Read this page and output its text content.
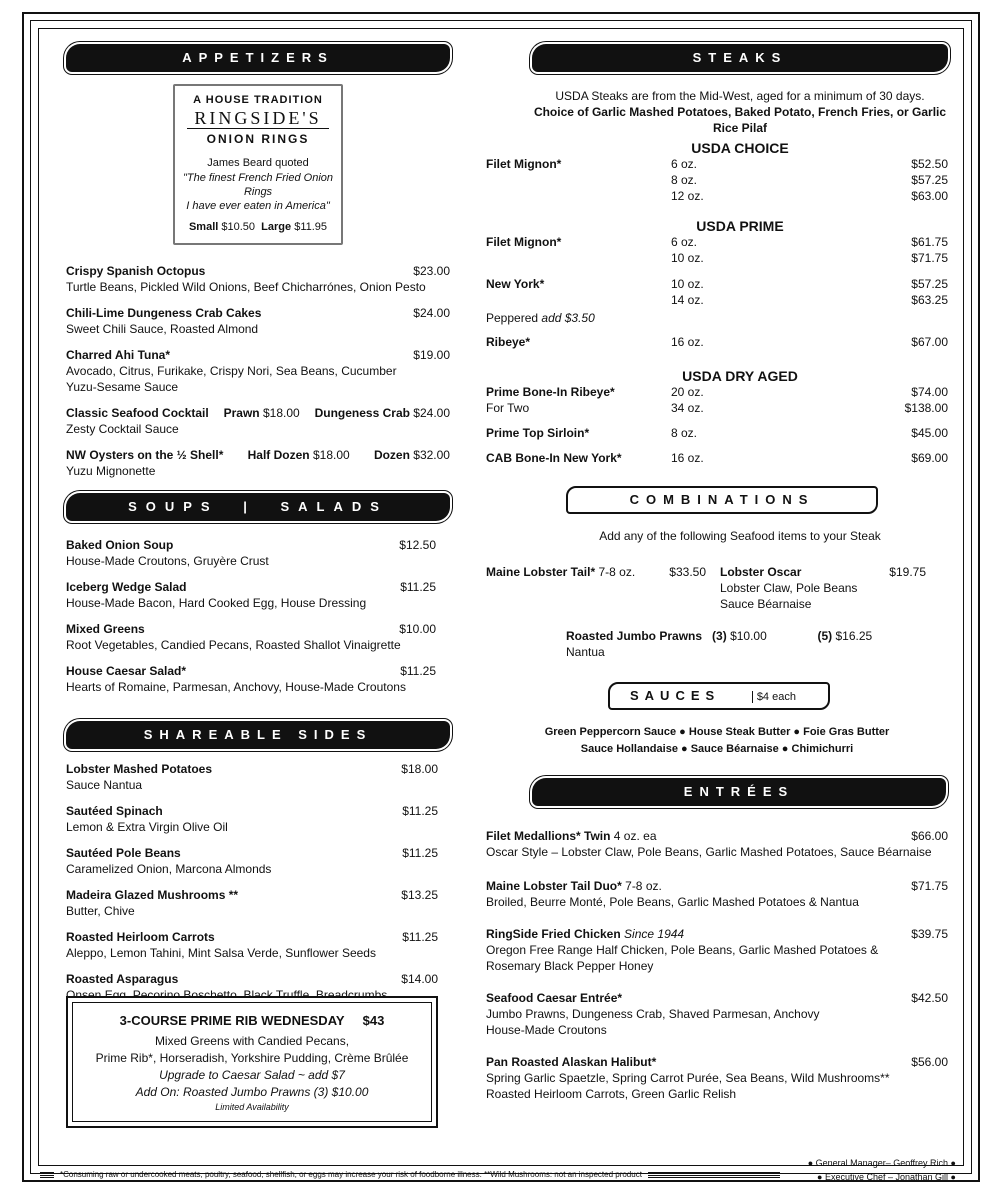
APPETIZERS
A HOUSE TRADITION
RINGSIDE'S
ONION RINGS
James Beard quoted
"The finest French Fried Onion Rings
I have ever eaten in America"
Small $10.50 Large $11.95
Crispy Spanish Octopus	$23.00
Turtle Beans, Pickled Wild Onions, Beef Chicharrónes, Onion Pesto
Chili-Lime Dungeness Crab Cakes	$24.00
Sweet Chili Sauce, Roasted Almond
Charred Ahi Tuna*	$19.00
Avocado, Citrus, Furikake, Crispy Nori, Sea Beans, Cucumber
Yuzu-Sesame Sauce
Classic Seafood Cocktail Prawn $18.00 Dungeness Crab $24.00
Zesty Cocktail Sauce
NW Oysters on the ½ Shell* Half Dozen $18.00 Dozen $32.00
Yuzu Mignonette
SOUPS | SALADS
Baked Onion Soup	$12.50
House-Made Croutons, Gruyère Crust
Iceberg Wedge Salad	$11.25
House-Made Bacon, Hard Cooked Egg, House Dressing
Mixed Greens	$10.00
Root Vegetables, Candied Pecans, Roasted Shallot Vinaigrette
House Caesar Salad*	$11.25
Hearts of Romaine, Parmesan, Anchovy, House-Made Croutons
SHAREABLE SIDES
Lobster Mashed Potatoes	$18.00
Sauce Nantua
Sautéed Spinach	$11.25
Lemon & Extra Virgin Olive Oil
Sautéed Pole Beans	$11.25
Caramelized Onion, Marcona Almonds
Madeira Glazed Mushrooms **	$13.25
Butter, Chive
Roasted Heirloom Carrots	$11.25
Aleppo, Lemon Tahini, Mint Salsa Verde, Sunflower Seeds
Roasted Asparagus	$14.00
Onsen Egg, Pecorino Boschetto, Black Truffle, Breadcrumbs
3-COURSE PRIME RIB WEDNESDAY $43
Mixed Greens with Candied Pecans,
Prime Rib*, Horseradish, Yorkshire Pudding, Crème Brûlée
Upgrade to Caesar Salad ~ add $7
Add On: Roasted Jumbo Prawns (3) $10.00
Limited Availability
STEAKS
USDA Steaks are from the Mid-West, aged for a minimum of 30 days.
Choice of Garlic Mashed Potatoes, Baked Potato, French Fries, or Garlic Rice Pilaf
USDA CHOICE
Filet Mignon*	6 oz.	$52.50
8 oz.	$57.25
12 oz.	$63.00
USDA PRIME
Filet Mignon*	6 oz.	$61.75
10 oz.	$71.75
New York*	10 oz.	$57.25
14 oz.	$63.25
Peppered add $3.50
Ribeye*	16 oz.	$67.00
USDA DRY AGED
Prime Bone-In Ribeye*	20 oz.	$74.00
For Two	34 oz.	$138.00
Prime Top Sirloin*	8 oz.	$45.00
CAB Bone-In New York*	16 oz.	$69.00
COMBINATIONS
Add any of the following Seafood items to your Steak
Maine Lobster Tail* 7-8 oz.	$33.50 Lobster Oscar	$19.75
Lobster Claw, Pole Beans
Sauce Béarnaise
Roasted Jumbo Prawns (3) $10.00	(5) $16.25
Nantua
SAUCES	$4 each
Green Peppercorn Sauce ● House Steak Butter ● Foie Gras Butter
Sauce Hollandaise ● Sauce Béarnaise ● Chimichurri
ENTRÉES
Filet Medallions* Twin 4 oz. ea	$66.00
Oscar Style – Lobster Claw, Pole Beans, Garlic Mashed Potatoes, Sauce Béarnaise
Maine Lobster Tail Duo* 7-8 oz.	$71.75
Broiled, Beurre Monté, Pole Beans, Garlic Mashed Potatoes & Nantua
RingSide Fried Chicken Since 1944	$39.75
Oregon Free Range Half Chicken, Pole Beans, Garlic Mashed Potatoes &
Rosemary Black Pepper Honey
Seafood Caesar Entrée*	$42.50
Jumbo Prawns, Dungeness Crab, Shaved Parmesan, Anchovy
House-Made Croutons
Pan Roasted Alaskan Halibut*	$56.00
Spring Garlic Spaetzle, Spring Carrot Purée, Sea Beans, Wild Mushrooms**
Roasted Heirloom Carrots, Green Garlic Relish
*Consuming raw or undercooked meats, poultry, seafood, shellfish, or eggs may increase your risk of foodborne illness. **Wild Mushrooms: not an inspected product
● General Manager– Geoffrey Rich ●
● Executive Chef – Jonathan Gill ●
